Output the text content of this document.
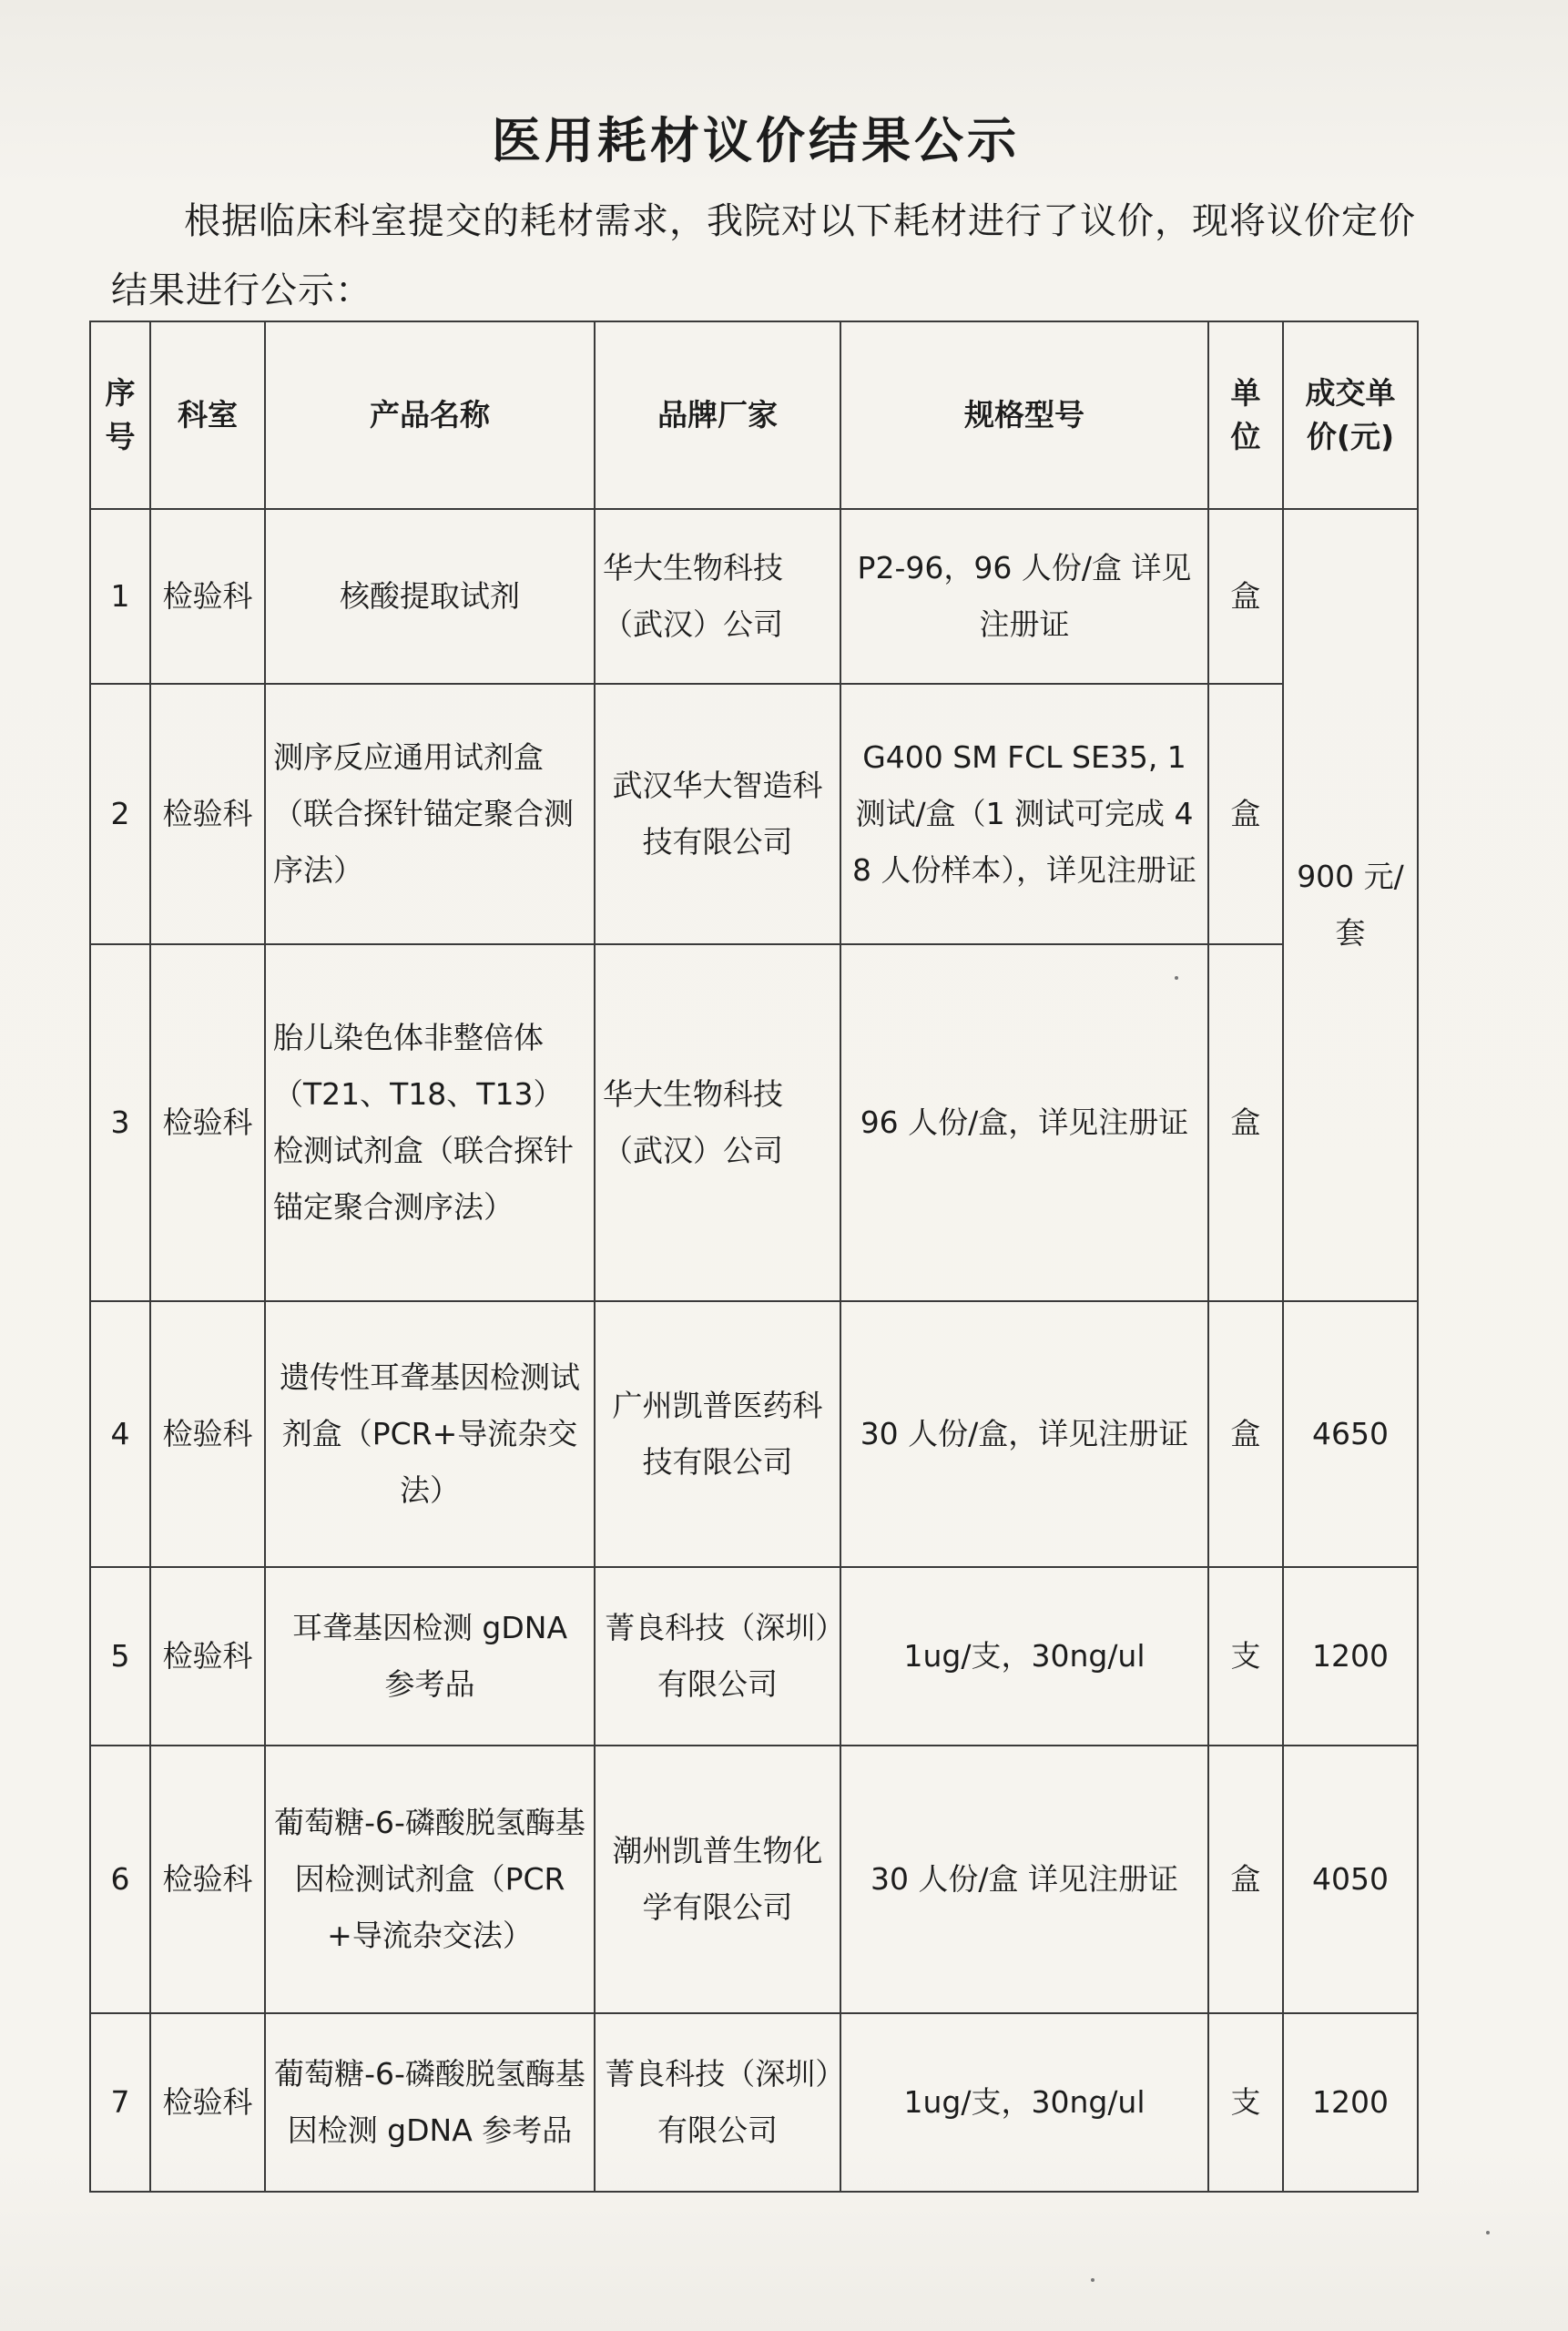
医用耗材议价结果公示
根据临床科室提交的耗材需求，我院对以下耗材进行了议价，现将议价定价结果进行公示：
序号	科室	产品名称	品牌厂家	规格型号	单位	成交单价(元)
1	检验科	核酸提取试剂	华大生物科技（武汉）公司	P2-96，96 人份/盒 详见注册证	盒	900 元/套
2	检验科	测序反应通用试剂盒（联合探针锚定聚合测序法）	武汉华大智造科技有限公司	G400 SM FCL SE35, 1 测试/盒（1 测试可完成 48 人份样本），详见注册证	盒	
3	检验科	胎儿染色体非整倍体（T21、T18、T13）检测试剂盒（联合探针锚定聚合测序法）	华大生物科技（武汉）公司	96 人份/盒，详见注册证	盒	
4	检验科	遗传性耳聋基因检测试剂盒（PCR+导流杂交法）	广州凯普医药科技有限公司	30 人份/盒，详见注册证	盒	4650
5	检验科	耳聋基因检测 gDNA 参考品	菁良科技（深圳）有限公司	1ug/支，30ng/ul	支	1200
6	检验科	葡萄糖-6-磷酸脱氢酶基因检测试剂盒（PCR+导流杂交法）	潮州凯普生物化学有限公司	30 人份/盒 详见注册证	盒	4050
7	检验科	葡萄糖-6-磷酸脱氢酶基因检测 gDNA 参考品	菁良科技（深圳）有限公司	1ug/支，30ng/ul	支	1200
